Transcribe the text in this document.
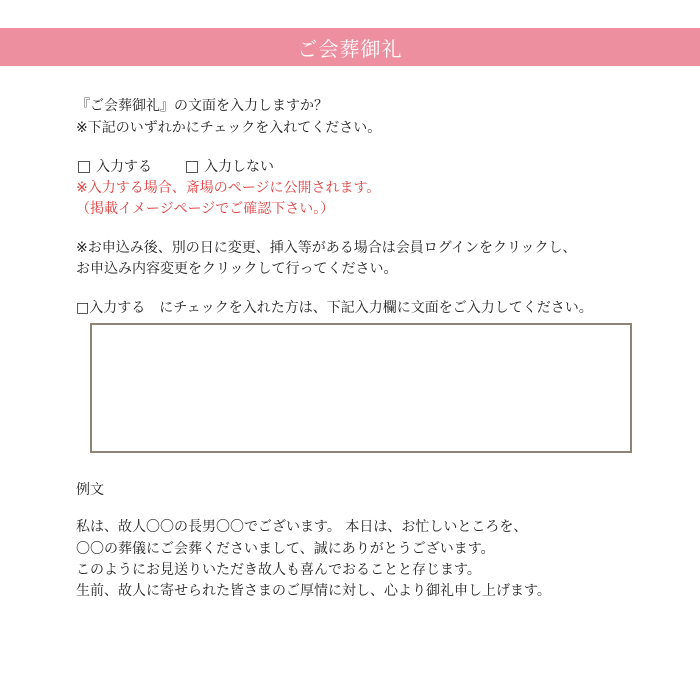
ご会葬御礼
『ご会葬御礼』の文面を入力しますか？
※下記のいずれかにチェックを入れてください。
入力する	入力しない
※入力する場合、斎場のページに公開されます。
（掲載イメージページでご確認下さい。）
※お申込み後、別の日に変更、挿入等がある場合は会員ログインをクリックし、
お申込み内容変更をクリックして行ってください。
□入力する　にチェックを入れた方は、下記入力欄に文面をご入力してください。
例文
私は、故人〇〇の長男〇〇でございます。 本日は、お忙しいところを、
〇〇の葬儀にご会葬くださいまして、誠にありがとうございます。
このようにお見送りいただき故人も喜んでおることと存じます。
生前、故人に寄せられた皆さまのご厚情に対し、心より御礼申し上げます。
